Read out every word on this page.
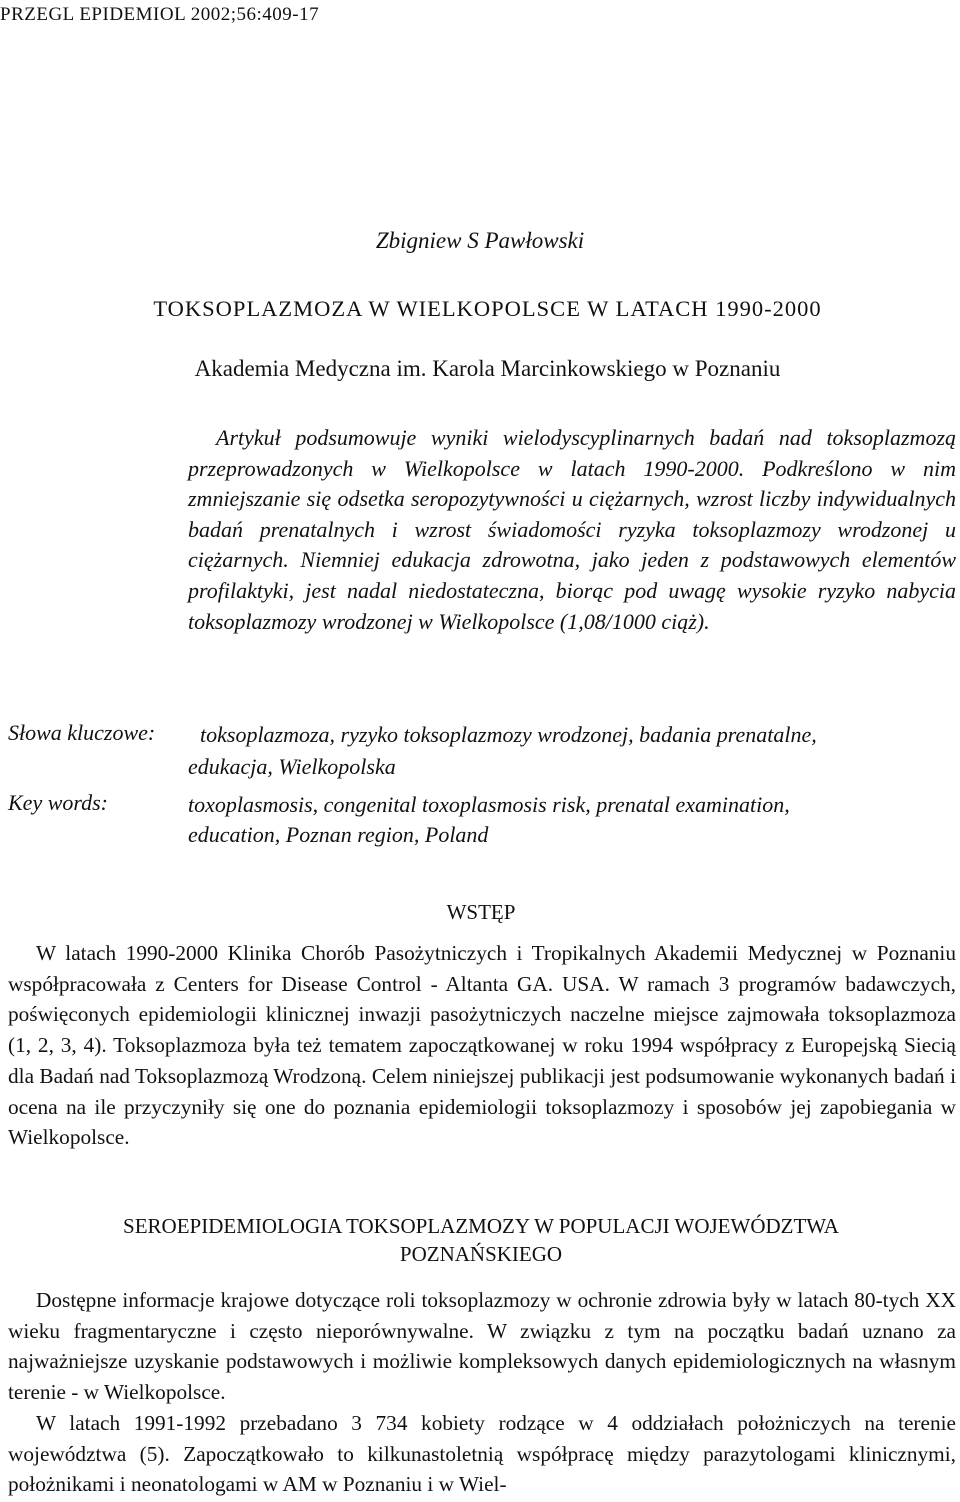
PRZEGL EPIDEMIOL 2002;56:409-17
Zbigniew S Pawłowski
TOKSOPLAZMOZA W WIELKOPOLSCE W LATACH 1990-2000
Akademia Medyczna im. Karola Marcinkowskiego w Poznaniu

Artykuł podsumowuje wyniki wielodyscyplinarnych badań nad toksoplazmozą przeprowadzonych w Wielkopolsce w latach 1990-2000. Podkreślono w nim zmniejszanie się odsetka seropozytywności u ciężarnych, wzrost liczby indywidualnych badań prenatalnych i wzrost świadomości ryzyka toksoplazmozy wrodzonej u ciężarnych. Niemniej edukacja zdrowotna, jako jeden z podstawowych elementów profilaktyki, jest nadal niedostateczna, biorąc pod uwagę wysokie ryzyko nabycia toksoplazmozy wrodzonej w Wielkopolsce (1,08/1000 ciąż).

Słowa kluczowe: toksoplazmoza, ryzyko toksoplazmozy wrodzonej, badania prenatalne,
edukacja, Wielkopolska
Key words:	toxoplasmosis, congenital toxoplasmosis risk, prenatal examination,
education, Poznan region, Poland
WSTĘP

W latach 1990-2000 Klinika Chorób Pasożytniczych i Tropikalnych Akademii Medycznej w Poznaniu współpracowała z Centers for Disease Control - Altanta GA. USA. W ramach 3 programów badawczych, poświęconych epidemiologii klinicznej inwazji pasożytniczych naczelne miejsce zajmowała toksoplazmoza (1, 2, 3, 4). Toksoplazmoza była też tematem zapoczątkowanej w roku 1994 współpracy z Europejską Siecią dla Badań nad Toksoplazmozą Wrodzoną. Celem niniejszej publikacji jest podsumowanie wykonanych badań i ocena na ile przyczyniły się one do poznania epidemiologii toksoplazmozy i sposobów jej zapobiegania w Wielkopolsce.

SEROEPIDEMIOLOGIA TOKSOPLAZMOZY W POPULACJI WOJEWÓDZTWA
POZNAŃSKIEGO

Dostępne informacje krajowe dotyczące roli toksoplazmozy w ochronie zdrowia były w latach 80-tych XX wieku fragmentaryczne i często nieporównywalne. W związku z tym na początku badań uznano za najważniejsze uzyskanie podstawowych i możliwie kompleksowych danych epidemiologicznych na własnym terenie - w Wielkopolsce.

W latach 1991-1992 przebadano 3 734 kobiety rodzące w 4 oddziałach położniczych na terenie województwa (5). Zapoczątkowało to kilkunastoletnią współpracę między parazytologami klinicznymi, położnikami i neonatologami w AM w Poznaniu i w Wiel-
